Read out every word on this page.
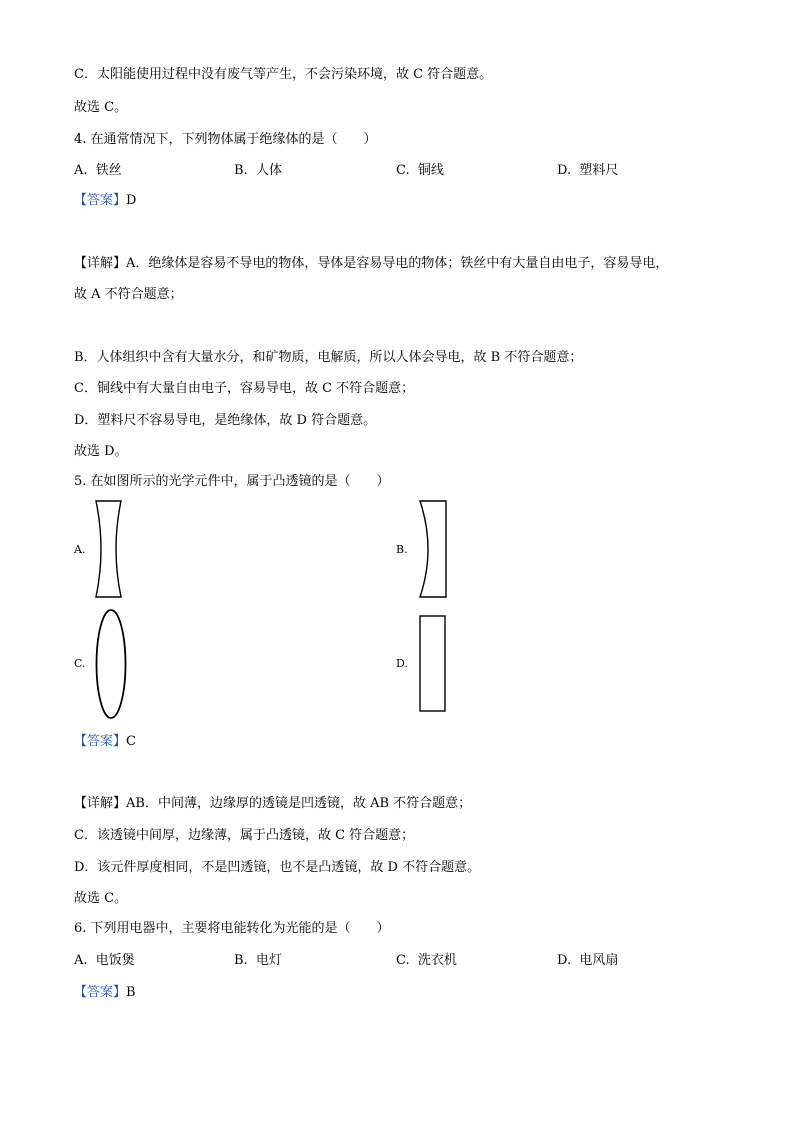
C．太阳能使用过程中没有废气等产生，不会污染环境，故 C 符合题意。
故选 C。
4. 在通常情况下，下列物体属于绝缘体的是（　　）
A. 铁丝	B. 人体	C. 铜线	D. 塑料尺
【答案】D
【详解】A．绝缘体是容易不导电的物体，导体是容易导电的物体；铁丝中有大量自由电子，容易导电，
故 A 不符合题意；
B．人体组织中含有大量水分，和矿物质，电解质，所以人体会导电，故 B 不符合题意；
C．铜线中有大量自由电子，容易导电，故 C 不符合题意；
D．塑料尺不容易导电，是绝缘体，故 D 符合题意。
故选 D。
5. 在如图所示的光学元件中，属于凸透镜的是（　　）
A.	B.
C.	D.
【答案】C
【详解】AB．中间薄，边缘厚的透镜是凹透镜，故 AB 不符合题意；
C．该透镜中间厚，边缘薄，属于凸透镜，故 C 符合题意；
D．该元件厚度相同，不是凹透镜，也不是凸透镜，故 D 不符合题意。
故选 C。
6. 下列用电器中，主要将电能转化为光能的是（　　）
A. 电饭煲	B. 电灯	C. 洗衣机	D. 电风扇
【答案】B
